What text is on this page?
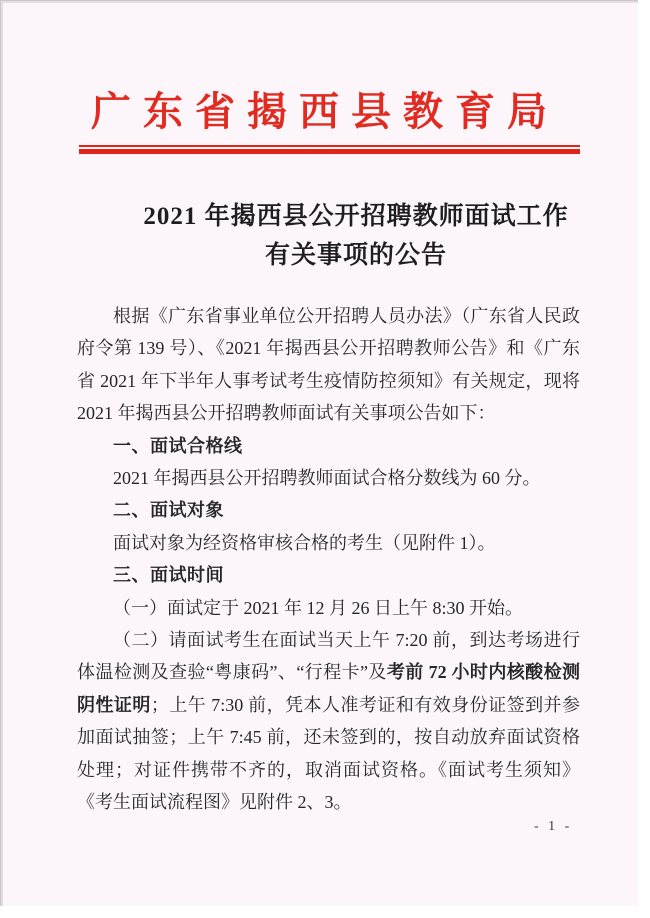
广东省揭西县教育局
2021 年揭西县公开招聘教师面试工作
有关事项的公告

根据《广东省事业单位公开招聘人员办法》（广东省人民政府令第 139 号）、《2021 年揭西县公开招聘教师公告》和《广东省 2021 年下半年人事考试考生疫情防控须知》有关规定，现将 2021 年揭西县公开招聘教师面试有关事项公告如下：

一、面试合格线

2021 年揭西县公开招聘教师面试合格分数线为 60 分。

二、面试对象

面试对象为经资格审核合格的考生（见附件 1）。

三、面试时间

（一）面试定于 2021 年 12 月 26 日上午 8:30 开始。

（二）请面试考生在面试当天上午 7:20 前，到达考场进行体温检测及查验“粤康码”、“行程卡”及考前 72 小时内核酸检测阴性证明；上午 7:30 前，凭本人准考证和有效身份证签到并参加面试抽签；上午 7:45 前，还未签到的，按自动放弃面试资格处理；对证件携带不齐的，取消面试资格。《面试考生须知》《考生面试流程图》见附件 2、3。

- 1 -
